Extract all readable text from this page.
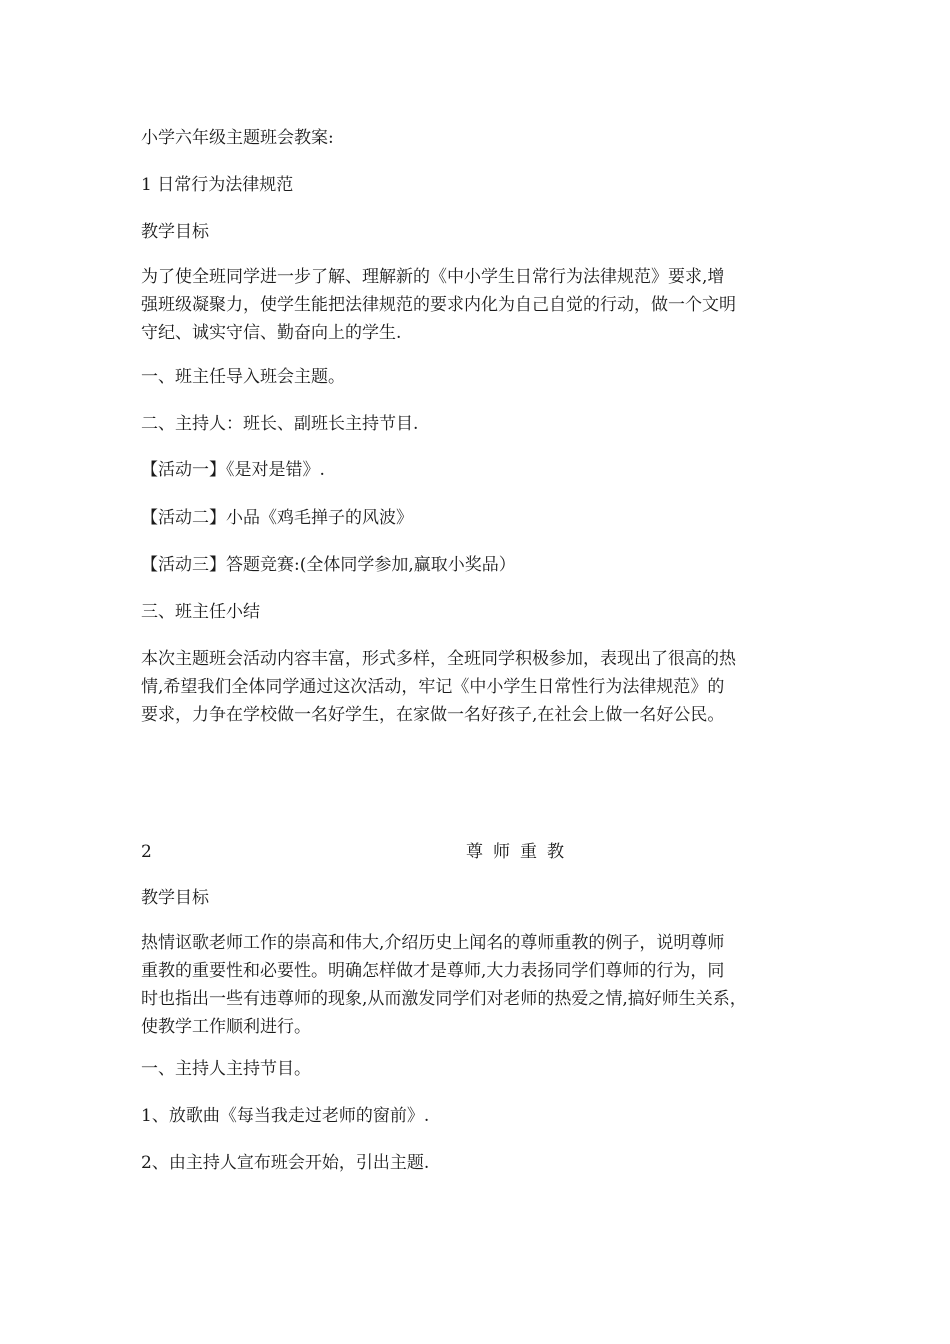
小学六年级主题班会教案:
1 日常行为法律规范
教学目标
为了使全班同学进一步了解、理解新的《中小学生日常行为法律规范》要求,增
强班级凝聚力，使学生能把法律规范的要求内化为自己自觉的行动，做一个文明
守纪、诚实守信、勤奋向上的学生.
一、班主任导入班会主题。
二、主持人：班长、副班长主持节目.
【活动一】《是对是错》.
【活动二】小品《鸡毛掸子的风波》
【活动三】答题竞赛:(全体同学参加,赢取小奖品）
三、班主任小结
本次主题班会活动内容丰富，形式多样，全班同学积极参加，表现出了很高的热
情,希望我们全体同学通过这次活动，牢记《中小学生日常性行为法律规范》的
要求，力争在学校做一名好学生，在家做一名好孩子,在社会上做一名好公民。
2	尊师重教
教学目标
热情讴歌老师工作的崇高和伟大,介绍历史上闻名的尊师重教的例子，说明尊师
重教的重要性和必要性。明确怎样做才是尊师,大力表扬同学们尊师的行为，同
时也指出一些有违尊师的现象,从而激发同学们对老师的热爱之情,搞好师生关系，
使教学工作顺利进行。
一、主持人主持节目。
1、放歌曲《每当我走过老师的窗前》.
2、由主持人宣布班会开始，引出主题.
